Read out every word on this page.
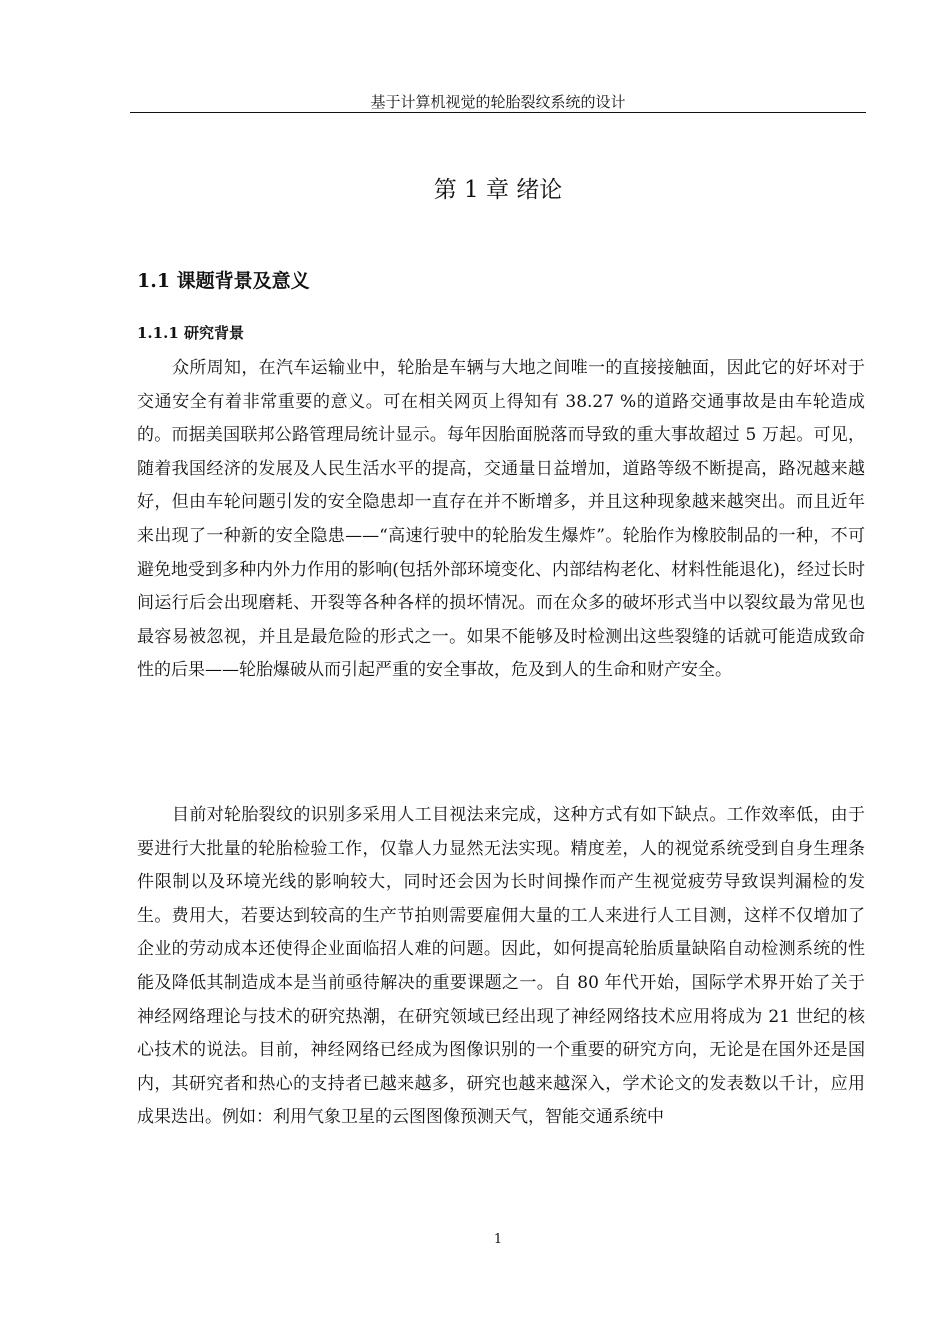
基于计算机视觉的轮胎裂纹系统的设计
第 1 章 绪论
1.1 课题背景及意义
1.1.1 研究背景

众所周知，在汽车运输业中，轮胎是车辆与大地之间唯一的直接接触面，因此它的好坏对于交通安全有着非常重要的意义。可在相关网页上得知有 38.27 %的道路交通事故是由车轮造成的。而据美国联邦公路管理局统计显示。每年因胎面脱落而导致的重大事故超过 5 万起。可见，随着我国经济的发展及人民生活水平的提高，交通量日益增加，道路等级不断提高，路况越来越好，但由车轮问题引发的安全隐患却一直存在并不断增多，并且这种现象越来越突出。而且近年来出现了一种新的安全隐患——“高速行驶中的轮胎发生爆炸”。轮胎作为橡胶制品的一种，不可避免地受到多种内外力作用的影响(包括外部环境变化、内部结构老化、材料性能退化)，经过长时间运行后会出现磨耗、开裂等各种各样的损坏情况。而在众多的破坏形式当中以裂纹最为常见也最容易被忽视，并且是最危险的形式之一。如果不能够及时检测出这些裂缝的话就可能造成致命性的后果——轮胎爆破从而引起严重的安全事故，危及到人的生命和财产安全。

目前对轮胎裂纹的识别多采用人工目视法来完成，这种方式有如下缺点。工作效率低，由于要进行大批量的轮胎检验工作，仅靠人力显然无法实现。精度差，人的视觉系统受到自身生理条件限制以及环境光线的影响较大，同时还会因为长时间操作而产生视觉疲劳导致误判漏检的发生。费用大，若要达到较高的生产节拍则需要雇佣大量的工人来进行人工目测，这样不仅增加了企业的劳动成本还使得企业面临招人难的问题。因此，如何提高轮胎质量缺陷自动检测系统的性能及降低其制造成本是当前亟待解决的重要课题之一。自 80 年代开始，国际学术界开始了关于神经网络理论与技术的研究热潮，在研究领域已经出现了神经网络技术应用将成为 21 世纪的核心技术的说法。目前，神经网络已经成为图像识别的一个重要的研究方向，无论是在国外还是国内，其研究者和热心的支持者已越来越多，研究也越来越深入，学术论文的发表数以千计，应用成果迭出。例如：利用气象卫星的云图图像预测天气，智能交通系统中

1
